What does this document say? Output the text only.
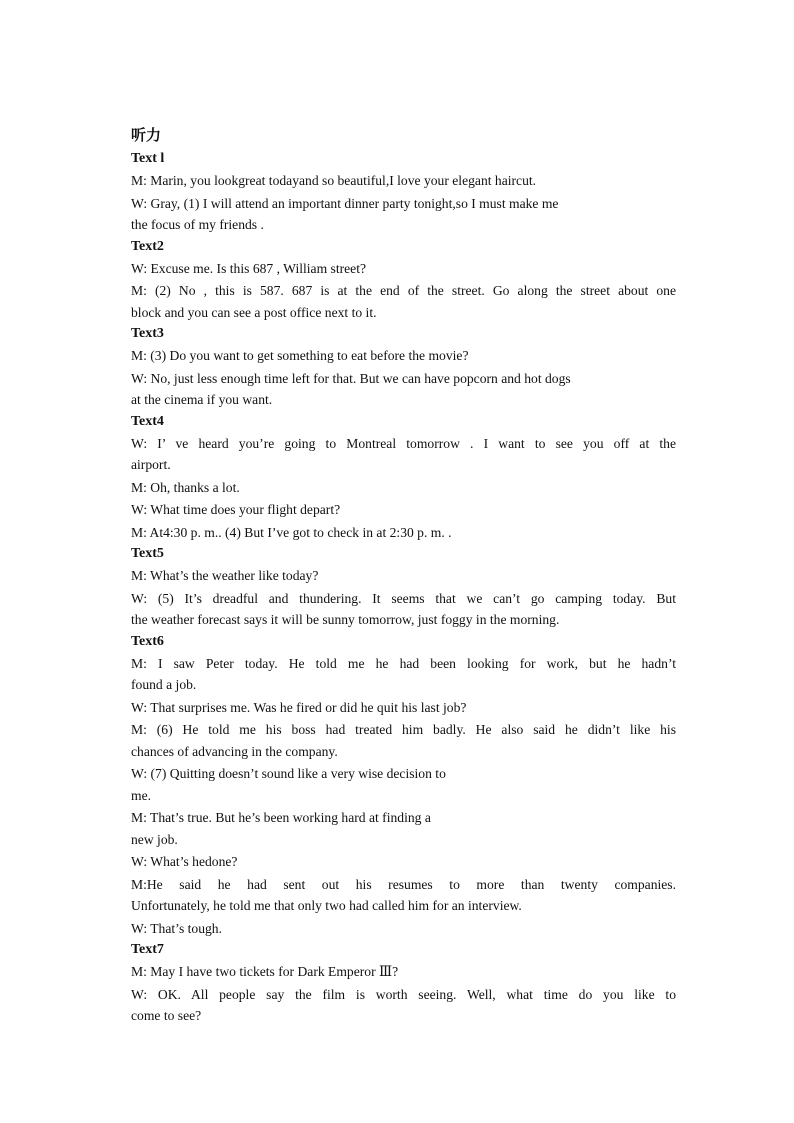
听力
Text l
M: Marin, you lookgreat todayand so beautiful,I love your elegant haircut.
W: Gray, (1) I will attend an important dinner party tonight,so I must make me
the focus of my friends .
Text2
W: Excuse me. Is this 687 , William street?
M: (2) No , this is 587. 687 is at the end of the street. Go along the street about one
block and you can see a post office next to it.
Text3
M: (3) Do you want to get something to eat before the movie?
W: No, just less enough time left for that. But we can have popcorn and hot dogs
at the cinema if you want.
Text4
W: I’ ve heard you’re going to Montreal tomorrow . I want to see you off at the
airport.
M: Oh, thanks a lot.
W: What time does your flight depart?
M: At4:30 p. m.. (4) But I’ve got to check in at 2:30 p. m. .
Text5
M: What’s the weather like today?
W: (5) It’s dreadful and thundering. It seems that we can’t go camping today. But
the weather forecast says it will be sunny tomorrow, just foggy in the morning.
Text6
M: I saw Peter today. He told me he had been looking for work, but he hadn’t
found a job.
W: That surprises me. Was he fired or did he quit his last job?
M: (6) He told me his boss had treated him badly. He also said he didn’t like his
chances of advancing in the company.
W: (7) Quitting doesn’t sound like a very wise decision to
me.
M: That’s true. But he’s been working hard at finding a
new job.
W: What’s hedone?
M:He said he had sent out his resumes to more than twenty companies.
Unfortunately, he told me that only two had called him for an interview.
W: That’s tough.
Text7
M: May I have two tickets for Dark Emperor Ⅲ?
W: OK. All people say the film is worth seeing. Well, what time do you like to
come to see?
